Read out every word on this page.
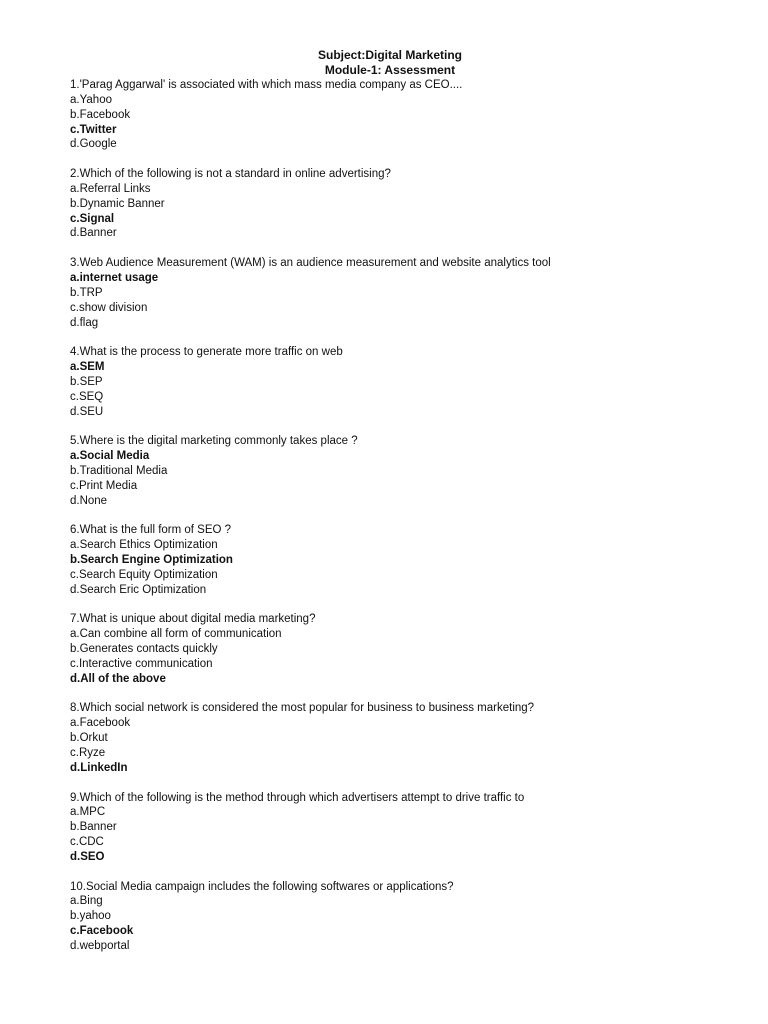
Subject:Digital Marketing
Module-1: Assessment
1.'Parag Aggarwal' is associated with which mass media company as CEO....
a.Yahoo
b.Facebook
c.Twitter
d.Google
2.Which of the following is not a standard in online advertising?
a.Referral Links
b.Dynamic Banner
c.Signal
d.Banner
3.Web Audience Measurement (WAM) is an audience measurement and website analytics tool
a.internet usage
b.TRP
c.show division
d.flag
4.What is the process to generate more traffic on web
a.SEM
b.SEP
c.SEQ
d.SEU
5.Where is the digital marketing commonly takes place ?
a.Social Media
b.Traditional Media
c.Print Media
d.None
6.What is the full form of SEO ?
a.Search Ethics Optimization
b.Search Engine Optimization
c.Search Equity Optimization
d.Search Eric Optimization
7.What is unique about digital media marketing?
a.Can combine all form of communication
b.Generates contacts quickly
c.Interactive communication
d.All of the above
8.Which social network is considered the most popular for business to business marketing?
a.Facebook
b.Orkut
c.Ryze
d.LinkedIn
9.Which of the following is the method through which advertisers attempt to drive traffic to
a.MPC
b.Banner
c.CDC
d.SEO
10.Social Media campaign includes the following softwares or applications?
a.Bing
b.yahoo
c.Facebook
d.webportal
